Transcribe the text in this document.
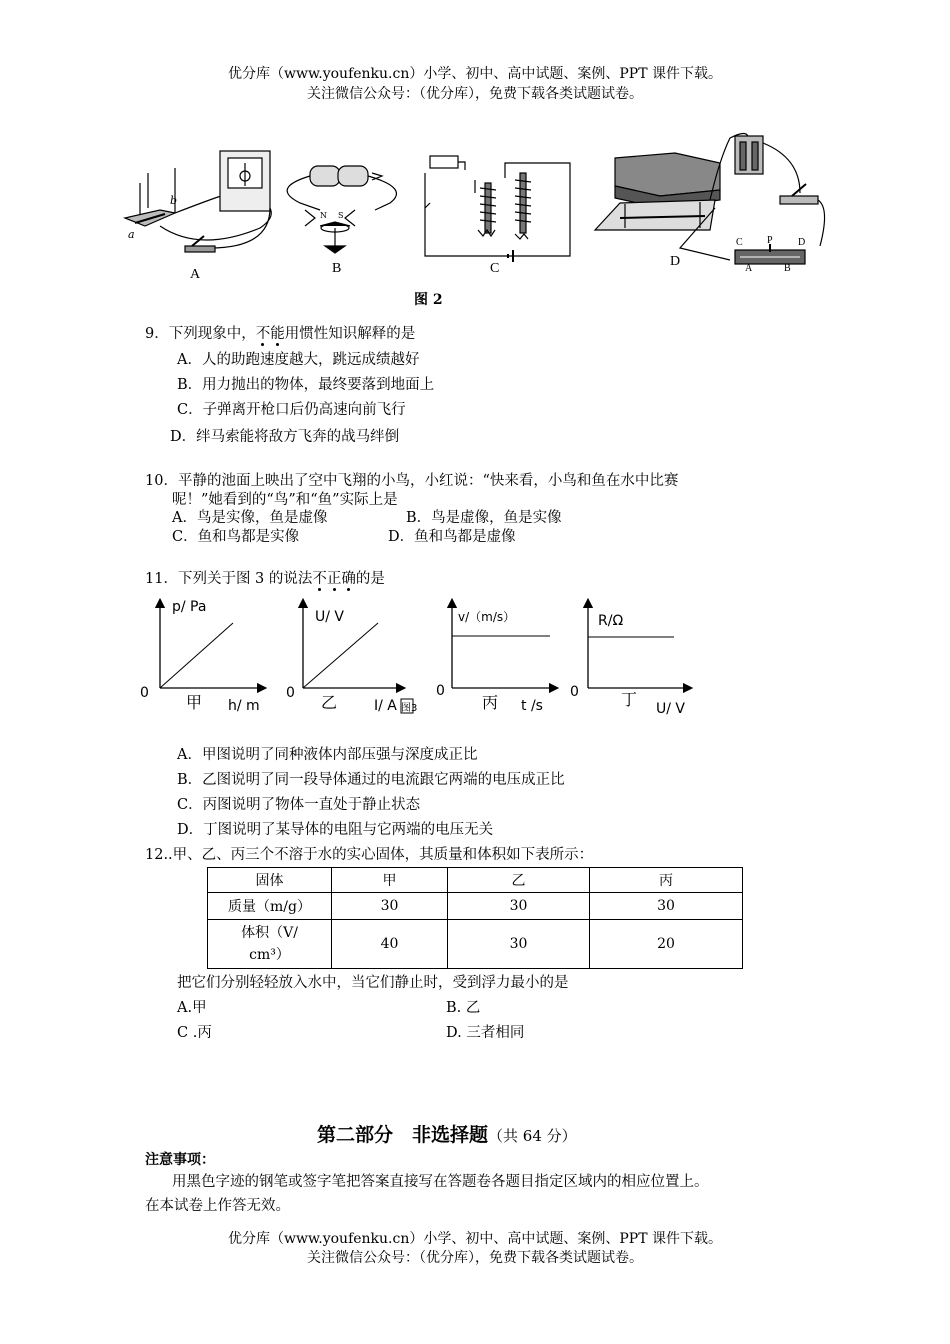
优分库（www.youfenku.cn）小学、初中、高中试题、案例、PPT 课件下载。
关注微信公众号：（优分库），免费下载各类试题试卷。
b
a
N S
C P	D
A	B
A	B	C	D
图 2
9．下列现象中，不能用惯性知识解释的是
A．人的助跑速度越大，跳远成绩越好
B．用力抛出的物体，最终要落到地面上
C．子弹离开枪口后仍高速向前飞行
D．绊马索能将敌方飞奔的战马绊倒
10．平静的池面上映出了空中飞翔的小鸟，小红说：“快来看，小鸟和鱼在水中比赛
呢！”她看到的“鸟”和“鱼”实际上是
A．鸟是实像，鱼是虚像	B．鸟是虚像，鱼是实像
C．鱼和鸟都是实像	D．鱼和鸟都是虚像
11．下列关于图 3 的说法不正确的是
p/ Pa
0 甲 h/ m
U/ V
0 乙	I/ A 图3
v/（m/s）
0
丙 t /s
R/Ω
0	丁 U/ V
A．甲图说明了同种液体内部压强与深度成正比
B．乙图说明了同一段导体通过的电流跟它两端的电压成正比
C．丙图说明了物体一直处于静止状态
D．丁图说明了某导体的电阻与它两端的电压无关
12..甲、乙、丙三个不溶于水的实心固体，其质量和体积如下表所示：
固体	甲	乙	丙
质量（m/g）	30	30	30

体积（V/
cm³）	40	30	20
把它们分别轻轻放入水中，当它们静止时，受到浮力最小的是
A.甲	B. 乙
C .丙	D. 三者相同
第二部分　非选择题（共 64 分）
注意事项：
用黑色字迹的钢笔或签字笔把答案直接写在答题卷各题目指定区域内的相应位置上。
在本试卷上作答无效。
优分库（www.youfenku.cn）小学、初中、高中试题、案例、PPT 课件下载。
关注微信公众号：（优分库），免费下载各类试题试卷。
